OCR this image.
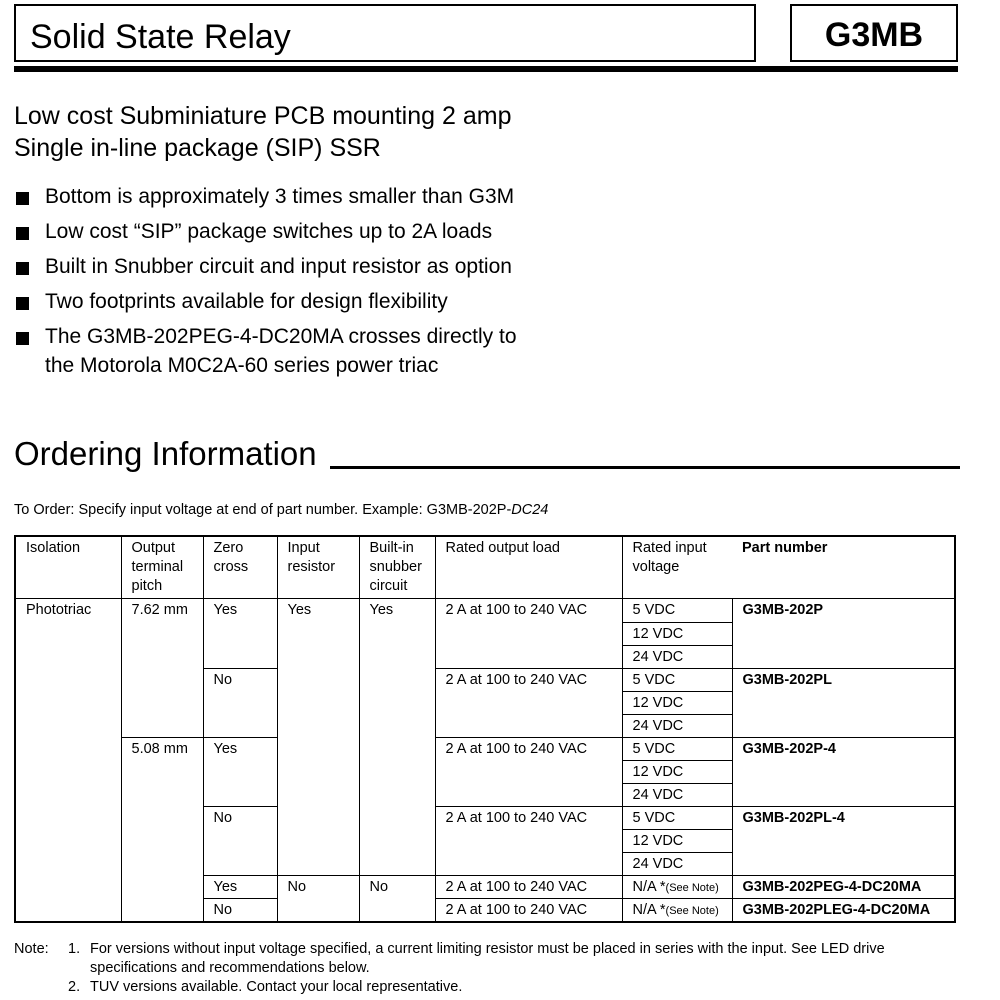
Solid State Relay	G3MB
Low cost Subminiature PCB mounting 2 amp
Single in-line package (SIP) SSR
Bottom is approximately 3 times smaller than G3M
Low cost “SIP” package switches up to 2A loads
Built in Snubber circuit and input resistor as option
Two footprints available for design flexibility
The G3MB-202PEG-4-DC20MA crosses directly to
the Motorola M0C2A-60 series power triac
Ordering Information
To Order: Specify input voltage at end of part number. Example: G3MB-202P-DC24
Isolation	Output terminal pitch	Zero cross	Input resistor	Built-in snubber circuit	Rated output load	Rated input voltage	Part number
Phototriac	7.62 mm	Yes	Yes	Yes	2 A at 100 to 240 VAC	5 VDC	G3MB-202P
						12 VDC	
						24 VDC	
		No			2 A at 100 to 240 VAC	5 VDC	G3MB-202PL
						12 VDC	
						24 VDC	
	5.08 mm	Yes			2 A at 100 to 240 VAC	5 VDC	G3MB-202P-4
						12 VDC	
						24 VDC	
		No			2 A at 100 to 240 VAC	5 VDC	G3MB-202PL-4
						12 VDC	
						24 VDC	
		Yes	No	No	2 A at 100 to 240 VAC	N/A *(See Note)	G3MB-202PEG-4-DC20MA
		No			2 A at 100 to 240 VAC	N/A *(See Note)	G3MB-202PLEG-4-DC20MA
Note:	1. For versions without input voltage specified, a current limiting resistor must be placed in series with the input. See LED drive specifications and recommendations below.
2. TUV versions available. Contact your local representative.
